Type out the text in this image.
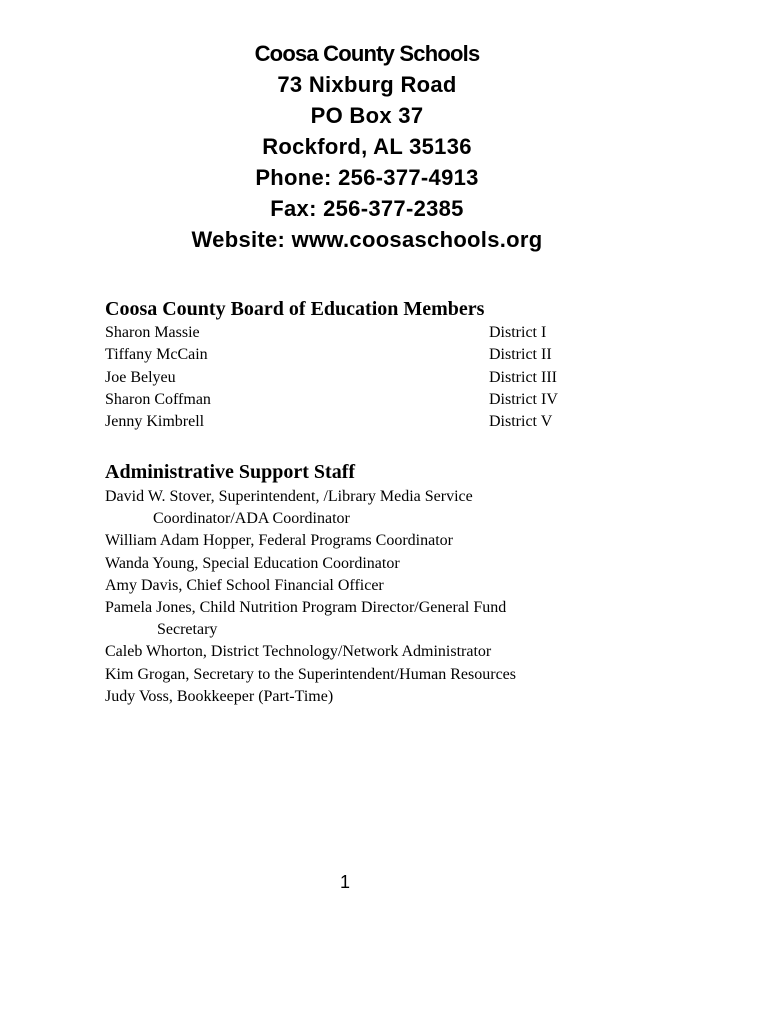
Coosa County Schools
73 Nixburg Road
PO Box 37
Rockford, AL 35136
Phone: 256-377-4913
Fax: 256-377-2385
Website: www.coosaschools.org
Coosa County Board of Education Members
Sharon Massie	District I
Tiffany McCain	District II
Joe Belyeu	District III
Sharon Coffman	District IV
Jenny Kimbrell	District V
Administrative Support Staff
David W. Stover, Superintendent, /Library Media Service
Coordinator/ADA Coordinator
William Adam Hopper, Federal Programs Coordinator
Wanda Young, Special Education Coordinator
Amy Davis, Chief School Financial Officer
Pamela Jones, Child Nutrition Program Director/General Fund
Secretary
Caleb Whorton, District Technology/Network Administrator
Kim Grogan, Secretary to the Superintendent/Human Resources
Judy Voss, Bookkeeper (Part-Time)
1
